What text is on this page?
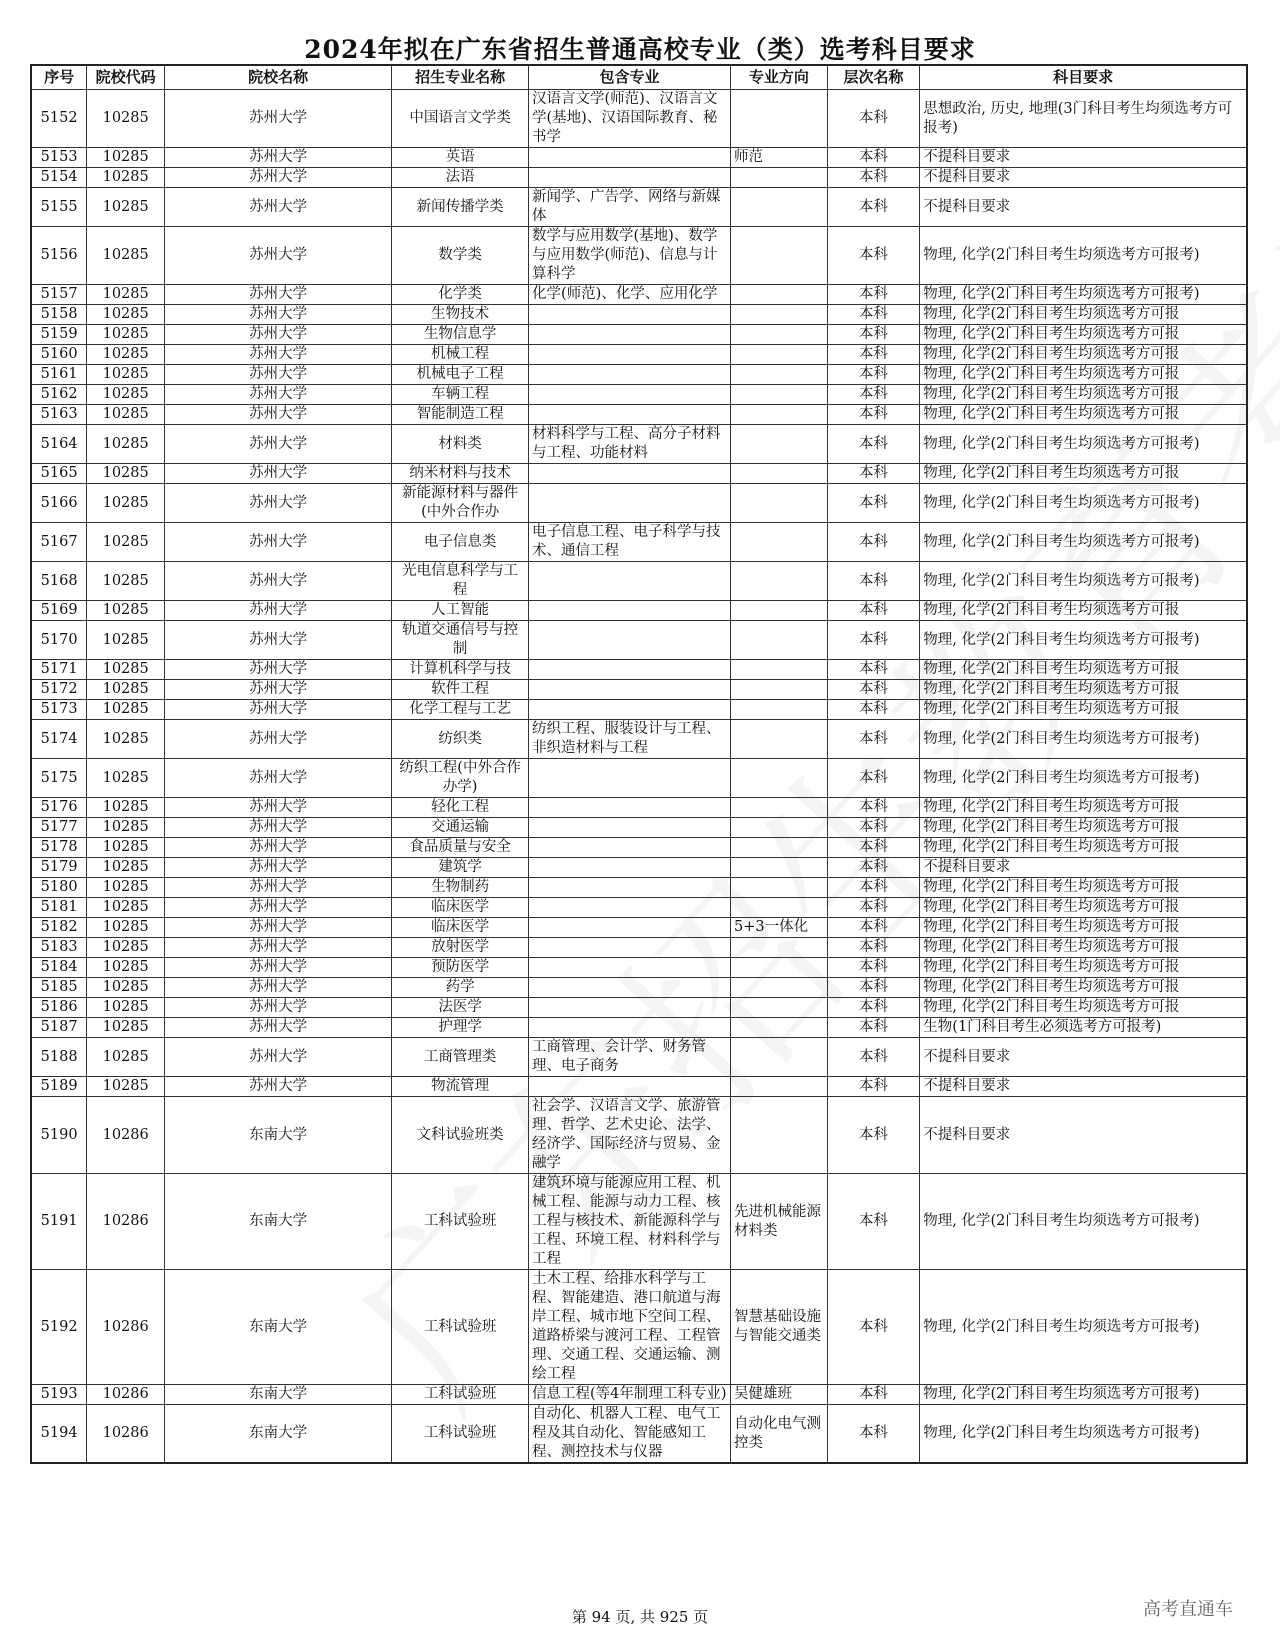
2024年拟在广东省招生普通高校专业（类）选考科目要求
序号	院校代码	院校名称	招生专业名称	包含专业	专业方向	层次名称	科目要求
5152	10285	苏州大学	中国语言文学类	汉语言文学(师范)、汉语言文学(基地)、汉语国际教育、秘书学		本科	思想政治, 历史, 地理(3门科目考生均须选考方可报考)
5153	10285	苏州大学	英语		师范	本科	不提科目要求
5154	10285	苏州大学	法语			本科	不提科目要求
5155	10285	苏州大学	新闻传播学类	新闻学、广告学、网络与新媒体		本科	不提科目要求
5156	10285	苏州大学	数学类	数学与应用数学(基地)、数学与应用数学(师范)、信息与计算科学		本科	物理, 化学(2门科目考生均须选考方可报考)
5157	10285	苏州大学	化学类	化学(师范)、化学、应用化学		本科	物理, 化学(2门科目考生均须选考方可报考)
5158	10285	苏州大学	生物技术			本科	物理, 化学(2门科目考生均须选考方可报
5159	10285	苏州大学	生物信息学			本科	物理, 化学(2门科目考生均须选考方可报
5160	10285	苏州大学	机械工程			本科	物理, 化学(2门科目考生均须选考方可报
5161	10285	苏州大学	机械电子工程			本科	物理, 化学(2门科目考生均须选考方可报
5162	10285	苏州大学	车辆工程			本科	物理, 化学(2门科目考生均须选考方可报
5163	10285	苏州大学	智能制造工程			本科	物理, 化学(2门科目考生均须选考方可报
5164	10285	苏州大学	材料类	材料科学与工程、高分子材料与工程、功能材料		本科	物理, 化学(2门科目考生均须选考方可报考)
5165	10285	苏州大学	纳米材料与技术			本科	物理, 化学(2门科目考生均须选考方可报
5166	10285	苏州大学	新能源材料与器件(中外合作办			本科	物理, 化学(2门科目考生均须选考方可报考)
5167	10285	苏州大学	电子信息类	电子信息工程、电子科学与技术、通信工程		本科	物理, 化学(2门科目考生均须选考方可报考)
5168	10285	苏州大学	光电信息科学与工程			本科	物理, 化学(2门科目考生均须选考方可报考)
5169	10285	苏州大学	人工智能			本科	物理, 化学(2门科目考生均须选考方可报
5170	10285	苏州大学	轨道交通信号与控制			本科	物理, 化学(2门科目考生均须选考方可报考)
5171	10285	苏州大学	计算机科学与技			本科	物理, 化学(2门科目考生均须选考方可报
5172	10285	苏州大学	软件工程			本科	物理, 化学(2门科目考生均须选考方可报
5173	10285	苏州大学	化学工程与工艺			本科	物理, 化学(2门科目考生均须选考方可报
5174	10285	苏州大学	纺织类	纺织工程、服装设计与工程、非织造材料与工程		本科	物理, 化学(2门科目考生均须选考方可报考)
5175	10285	苏州大学	纺织工程(中外合作办学)			本科	物理, 化学(2门科目考生均须选考方可报考)
5176	10285	苏州大学	轻化工程			本科	物理, 化学(2门科目考生均须选考方可报
5177	10285	苏州大学	交通运输			本科	物理, 化学(2门科目考生均须选考方可报
5178	10285	苏州大学	食品质量与安全			本科	物理, 化学(2门科目考生均须选考方可报
5179	10285	苏州大学	建筑学			本科	不提科目要求
5180	10285	苏州大学	生物制药			本科	物理, 化学(2门科目考生均须选考方可报
5181	10285	苏州大学	临床医学			本科	物理, 化学(2门科目考生均须选考方可报
5182	10285	苏州大学	临床医学		5+3一体化	本科	物理, 化学(2门科目考生均须选考方可报
5183	10285	苏州大学	放射医学			本科	物理, 化学(2门科目考生均须选考方可报
5184	10285	苏州大学	预防医学			本科	物理, 化学(2门科目考生均须选考方可报
5185	10285	苏州大学	药学			本科	物理, 化学(2门科目考生均须选考方可报
5186	10285	苏州大学	法医学			本科	物理, 化学(2门科目考生均须选考方可报
5187	10285	苏州大学	护理学			本科	生物(1门科目考生必须选考方可报考)
5188	10285	苏州大学	工商管理类	工商管理、会计学、财务管理、电子商务		本科	不提科目要求
5189	10285	苏州大学	物流管理			本科	不提科目要求
5190	10286	东南大学	文科试验班类	社会学、汉语言文学、旅游管理、哲学、艺术史论、法学、经济学、国际经济与贸易、金融学		本科	不提科目要求
5191	10286	东南大学	工科试验班	建筑环境与能源应用工程、机械工程、能源与动力工程、核工程与核技术、新能源科学与工程、环境工程、材料科学与工程	先进机械能源材料类	本科	物理, 化学(2门科目考生均须选考方可报考)
5192	10286	东南大学	工科试验班	土木工程、给排水科学与工程、智能建造、港口航道与海岸工程、城市地下空间工程、道路桥梁与渡河工程、工程管理、交通工程、交通运输、测绘工程	智慧基础设施与智能交通类	本科	物理, 化学(2门科目考生均须选考方可报考)
5193	10286	东南大学	工科试验班	信息工程(等4年制理工科专业)	吴健雄班	本科	物理, 化学(2门科目考生均须选考方可报考)
5194	10286	东南大学	工科试验班	自动化、机器人工程、电气工程及其自动化、智能感知工程、测控技术与仪器	自动化电气测控类	本科	物理, 化学(2门科目考生均须选考方可报考)
第 94 页, 共 925 页	高考直通车
